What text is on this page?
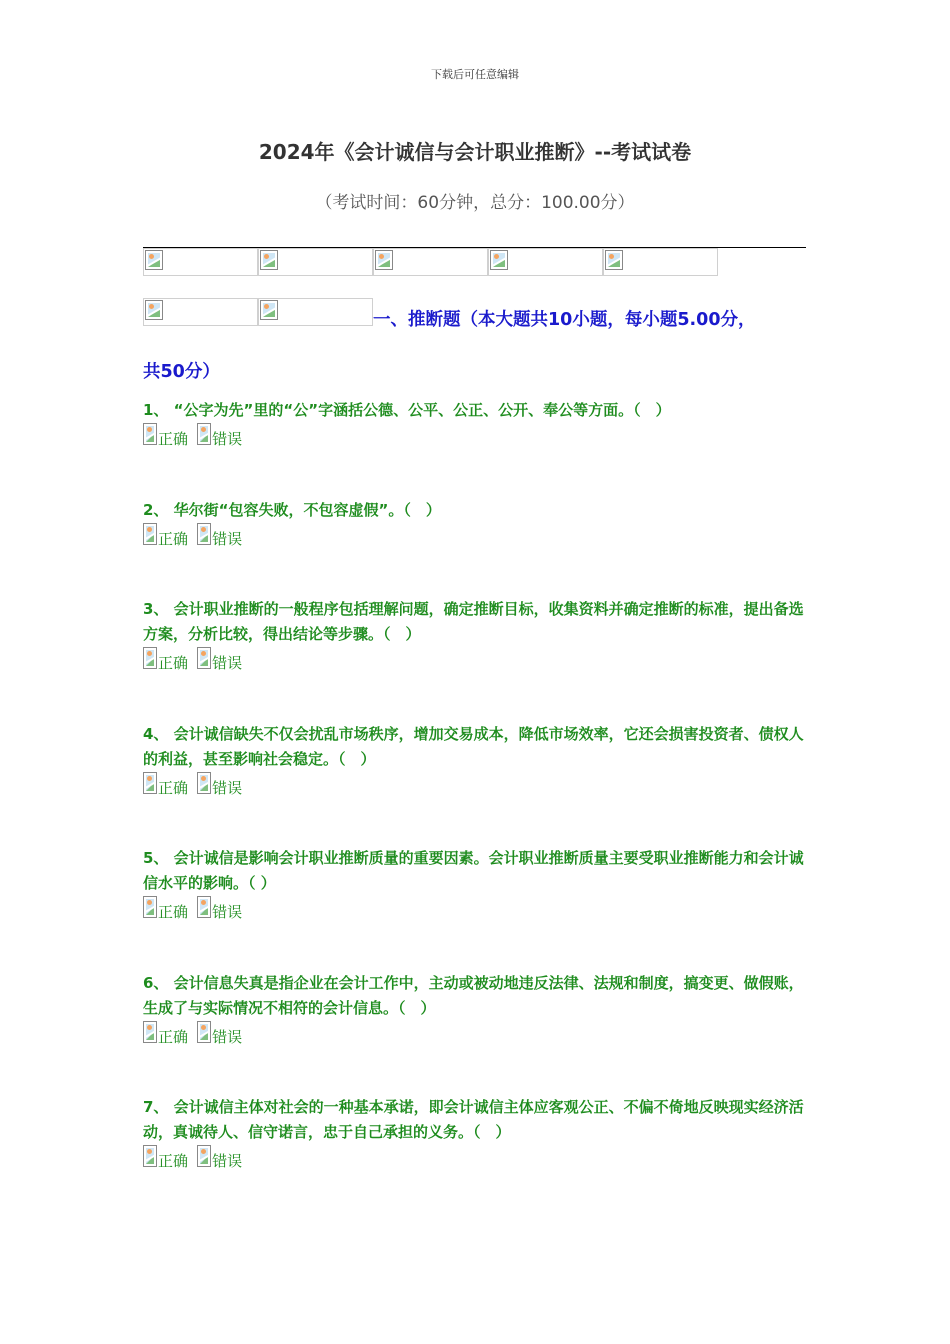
下载后可任意编辑
2024年《会计诚信与会计职业推断》--考试试卷
（考试时间：60分钟，总分：100.00分）
一、推断题（本大题共10小题，每小题5.00分，
共50分）
1、 “公字为先”里的“公”字涵括公德、公平、公正、公开、奉公等方面。（　）
正确 错误
2、 华尔街“包容失败，不包容虚假”。（　）
正确 错误
3、 会计职业推断的一般程序包括理解问题，确定推断目标，收集资料并确定推断的标准，提出备选方案，分析比较，得出结论等步骤。（　）
正确 错误
4、 会计诚信缺失不仅会扰乱市场秩序，增加交易成本，降低市场效率，它还会损害投资者、债权人的利益，甚至影响社会稳定。（　）
正确 错误
5、 会计诚信是影响会计职业推断质量的重要因素。会计职业推断质量主要受职业推断能力和会计诚信水平的影响。（ ）
正确 错误
6、 会计信息失真是指企业在会计工作中，主动或被动地违反法律、法规和制度，搞变更、做假账，生成了与实际情况不相符的会计信息。（　）
正确 错误
7、 会计诚信主体对社会的一种基本承诺，即会计诚信主体应客观公正、不偏不倚地反映现实经济活动，真诚待人、信守诺言，忠于自己承担的义务。（　）
正确 错误
